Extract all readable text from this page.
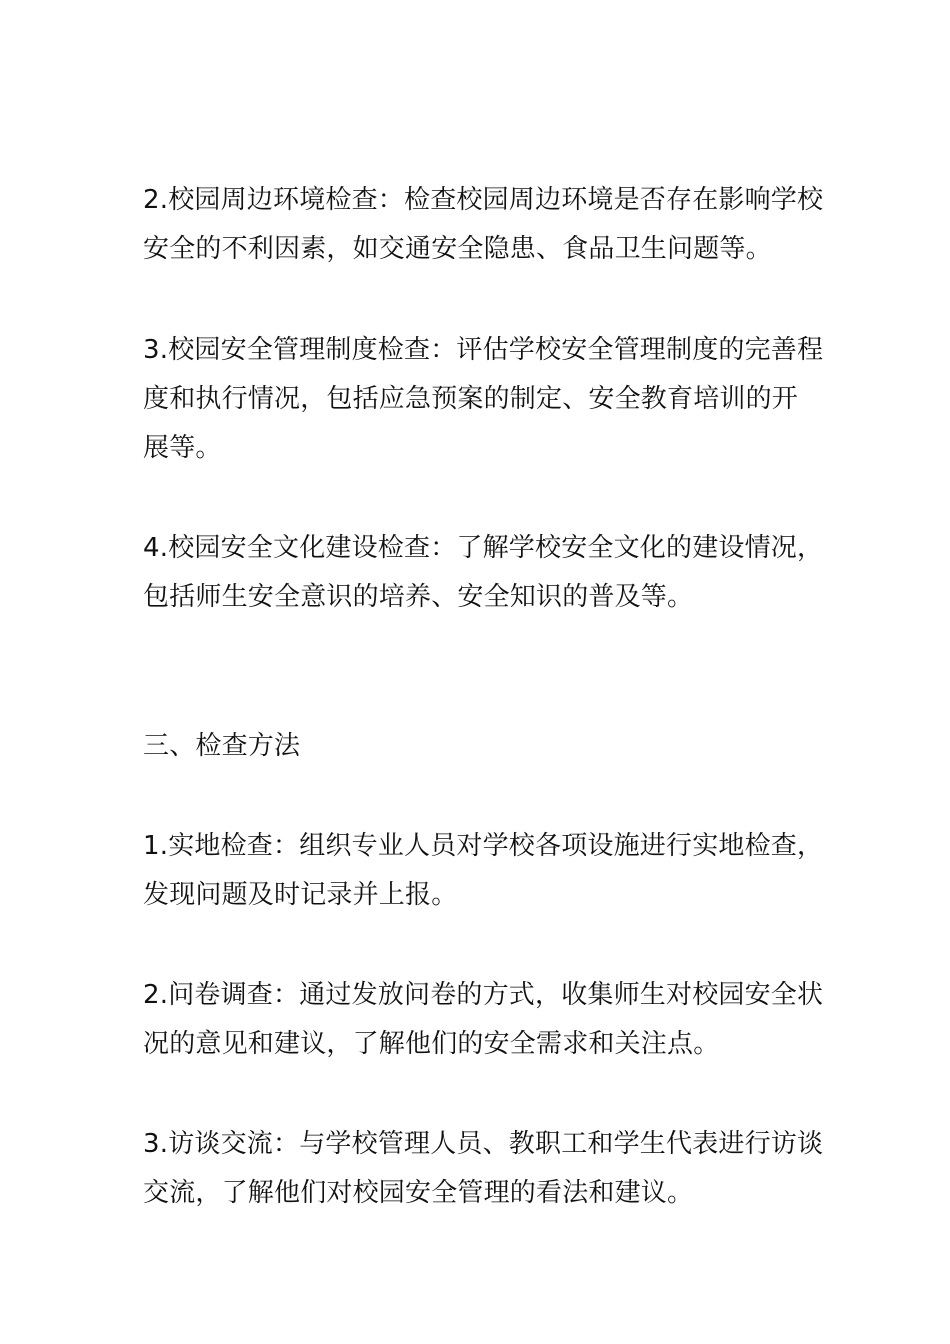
2.校园周边环境检查：检查校园周边环境是否存在影响学校
安全的不利因素，如交通安全隐患、食品卫生问题等。

3.校园安全管理制度检查：评估学校安全管理制度的完善程
度和执行情况，包括应急预案的制定、安全教育培训的开
展等。

4.校园安全文化建设检查：了解学校安全文化的建设情况，
包括师生安全意识的培养、安全知识的普及等。

三、检查方法

1.实地检查：组织专业人员对学校各项设施进行实地检查，
发现问题及时记录并上报。

2.问卷调查：通过发放问卷的方式，收集师生对校园安全状
况的意见和建议，了解他们的安全需求和关注点。

3.访谈交流：与学校管理人员、教职工和学生代表进行访谈
交流，了解他们对校园安全管理的看法和建议。
